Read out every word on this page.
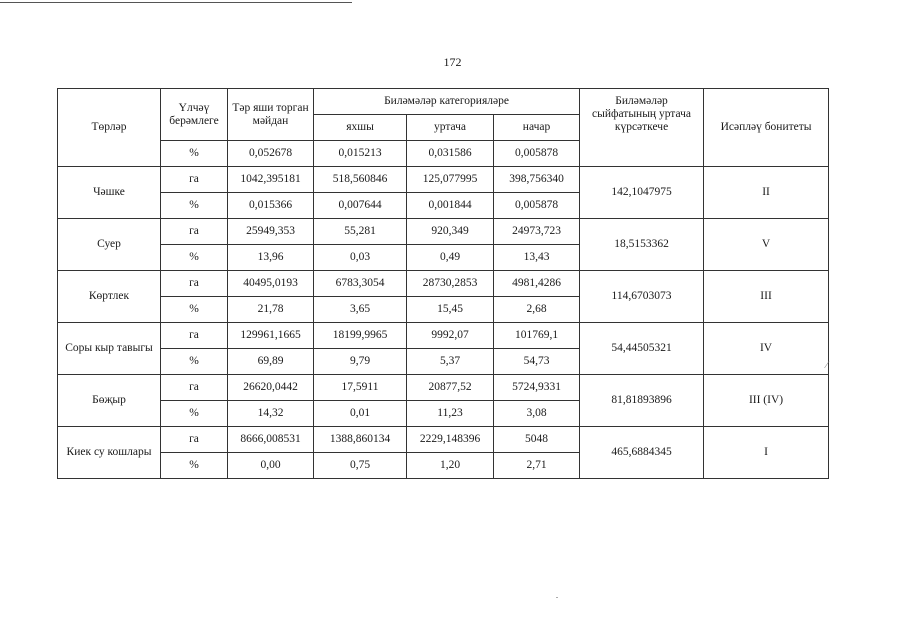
172
Төрләр	Үлчәү берәмлеге	Тәр яши торган мәйдан	Биләмәләр категорияләре			Биләмәләр сыйфатының уртача күрсәткече	Исәпләү бонитеты
			яхшы	уртача	начар		
	%	0,052678	0,015213	0,031586	0,005878		
Чәшке	га	1042,395181	518,560846	125,077995	398,756340	142,1047975	II
	%	0,015366	0,007644	0,001844	0,005878		
Суер	га	25949,353	55,281	920,349	24973,723	18,5153362	V
	%	13,96	0,03	0,49	13,43		
Көртлек	га	40495,0193	6783,3054	28730,2853	4981,4286	114,6703073	III
	%	21,78	3,65	15,45	2,68		
Соры кыр тавыгы	га	129961,1665	18199,9965	9992,07	101769,1	54,44505321	IV
	%	69,89	9,79	5,37	54,73		
Бөҗыр	га	26620,0442	17,5911	20877,52	5724,9331	81,81893896	III (IV)
	%	14,32	0,01	11,23	3,08		
Киек су кошлары	га	8666,008531	1388,860134	2229,148396	5048	465,6884345	I
	%	0,00	0,75	1,20	2,71		
⁄
